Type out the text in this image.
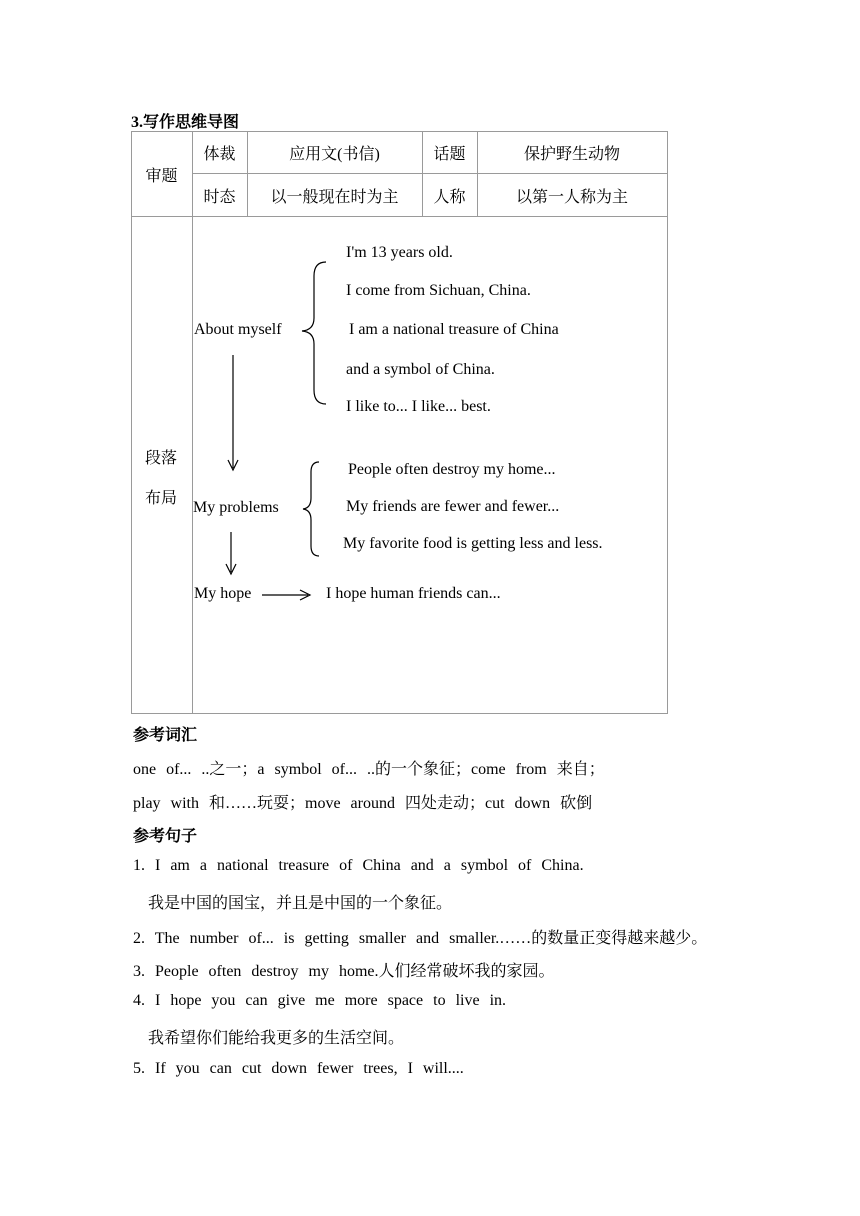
3.写作思维导图
审题
体裁	应用文(书信)	话题	保护野生动物
时态	以一般现在时为主	人称	以第一人称为主
段落
布局
About myself
I'm 13 years old.
I come from Sichuan, China.
I am a national treasure of China
and a symbol of China.
I like to... I like... best.
My problems
People often destroy my home...
My friends are fewer and fewer...
My favorite food is getting less and less.
My hope	I hope human friends can...
参考词汇
one of... ..之一；a symbol of... ..的一个象征；come from 来自；
play with 和……玩耍；move around 四处走动；cut down 砍倒
参考句子
1. I am a national treasure of China and a symbol of China.
我是中国的国宝，并且是中国的一个象征。
2. The number of... is getting smaller and smaller.……的数量正变得越来越少。
3. People often destroy my home.人们经常破坏我的家园。
4. I hope you can give me more space to live in.
我希望你们能给我更多的生活空间。
5. If you can cut down fewer trees, I will....
